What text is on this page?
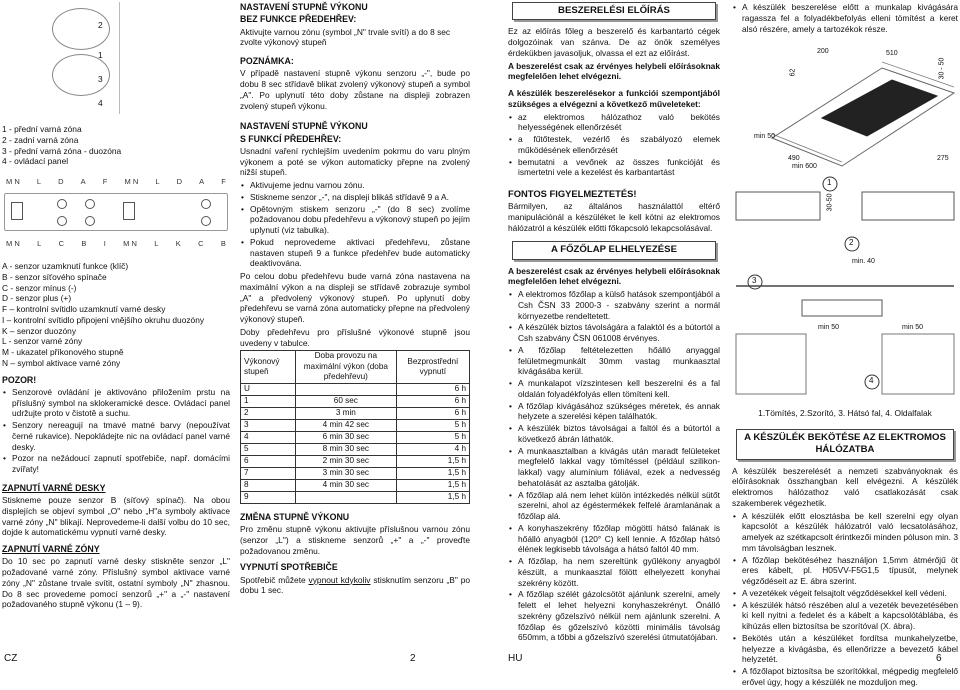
2
1
3
4
1 - přední varná zóna
2 - zadní varná zóna
3 - přední varná zóna - duozóna
4 - ovládací panel
M N L D A F M N L D A F
M N L C B I M N L K C B
A - senzor uzamknutí funkce (klíč)
B - senzor síťového spínače
C - senzor mínus (-)
D - senzor plus (+)
F – kontrolní svítidlo uzamknutí varné desky
I – kontrolní svítidlo připojení vnějšího okruhu duozóny
K – senzor duozóny
L - senzor varné zóny
M - ukazatel příkonového stupně
N – symbol aktivace varné zóny
POZOR!
• Senzorové ovládání je aktivováno přiložením prstu na příslušný symbol na sklokeramické desce. Ovládací panel udržujte proto v čistotě a suchu.
• Senzory nereagují na tmavé matné barvy (nepoužívat černé rukavice). Nepokládejte nic na ovládací panel varné desky.
• Pozor na nežádoucí zapnutí spotřebiče, např. domácími zvířaty!
ZAPNUTÍ VARNÉ DESKY

Stiskneme pouze senzor B (síťový spínač). Na obou displejích se objeví symbol „O" nebo „H"a symboly aktivace varné zóny „N" blikají. Neprovedeme-li další volbu do 10 sec, dojde k automatickému vypnutí varné desky.

ZAPNUTÍ VARNÉ ZÓNY

Do 10 sec po zapnutí varné desky stiskněte senzor „L" požadované varné zóny. Příslušný symbol aktivace varné zóny „N" zůstane trvale svítit, ostatní symboly „N" zhasnou. Do 8 sec provedeme pomocí senzorů „+" a „-" nastavení požadovaného stupně výkonu (1 – 9).

NASTAVENÍ STUPNĚ VÝKONU
BEZ FUNKCE PŘEDEHŘEV:

Aktivujte varnou zónu (symbol „N" trvale svítí) a do 8 sec zvolte výkonový stupeň

POZNÁMKA:

V případě nastavení stupně výkonu senzoru „-", bude po dobu 8 sec střídavě blikat zvolený výkonový stupeň a symbol „A". Po uplynutí této doby zůstane na displeji zobrazen zvolený stupeň výkonu.

NASTAVENÍ STUPNĚ VÝKONU
S FUNKCÍ PŘEDEHŘEV:

Usnadní vaření rychlejším uvedením pokrmu do varu plným výkonem a poté se výkon automaticky přepne na zvolený nižší stupeň.

• Aktivujeme jednu varnou zónu.
• Stiskneme senzor „-", na displeji blikáš střídavě 9 a A.
• Opětovným stiskem senzoru „-" (do 8 sec) zvolíme požadovanou dobu předehřevu a výkonový stupeň po jejím uplynutí (viz tabulka).
• Pokud neprovedeme aktivaci předehřevu, zůstane nastaven stupeň 9 a funkce předehřev bude automaticky deaktivována.

Po celou dobu předehřevu bude varná zóna nastavena na maximální výkon a na displeji se střídavě zobrazuje symbol „A" a předvolený výkonový stupeň. Po uplynutí doby předehřevu se varná zóna automaticky přepne na předvolený výkonový stupeň.

Doby předehřevu pro příslušné výkonové stupně jsou uvedeny v tabulce.

Výkonový stupeň	Doba provozu na maximální výkon (doba předehřevu)	Bezprostřední vypnutí
U		6 h
1	60 sec	6 h
2	3 min	6 h
3	4 min 42 sec	5 h
4	6 min 30 sec	5 h
5	8 min 30 sec	4 h
6	2 min 30 sec	1,5 h
7	3 min 30 sec	1,5 h
8	4 min 30 sec	1,5 h
9		1,5 h
ZMĚNA STUPNĚ VÝKONU

Pro změnu stupně výkonu aktivujte příslušnou varnou zónu (senzor „L") a stiskneme senzorů „+" a „-" proveďte požadovanou změnu.

VYPNUTÍ SPOTŘEBIČE

Spotřebič můžete vypnout kdykoliv stisknutím senzoru „B" po dobu 1 sec.

BESZERELÉSI ELŐÍRÁS

Ez az előírás főleg a beszerelő és karbantartó cégek dolgozóinak van szánva. De az önök személyes érdekükben javasoljuk, olvassa el ezt az előírást.

A beszerelést csak az érvényes helybeli előírásoknak megfelelően lehet elvégezni.

A készülék beszerelésekor a funkciói szempontjából szükséges a elvégezni a következő műveleteket:

• az elektromos hálózathoz való bekötés helyességének ellenőrzését
• a fűtőtestek, vezérlő és szabályozó elemek működésének ellenőrzését
• bemutatni a vevőnek az összes funkcióját és ismertetni vele a kezelést és karbantartást
FONTOS FIGYELMEZTETÉS!

Bármilyen, az általános használattól eltérő manipulációnál a készüléket le kell kötni az elektromos hálózatról a készülék előtti főkapcsoló lekapcsolásával.

A FŐZŐLAP ELHELYEZÉSE

A beszerelést csak az érvényes helybeli előírásoknak megfelelően lehet elvégezni.

• A elektromos főzőlap a külső hatások szempontjából a Csh ČSN 33 2000-3 - szabvány szerint a normál környezetbe rendeltetett.
• A készülék biztos távolságára a falaktól és a bútortól a Csh szabvány ČSN 061008 érvényes.
• A főzőlap feltételezetten hőálló anyaggal felületmegmunkált 30mm vastag munkaasztal kivágásába kerül.
• A munkalapot vízszintesen kell beszerelni és a fal oldalán folyadékfolyás ellen tömíteni kell.
• A főzőlap kivágásához szükséges méretek, és annak helyzete a szerelési képen találhatók.
• A készülék biztos távolságai a faltól és a bútortól a következő ábrán láthatók.
• A munkaasztalban a kivágás után maradt felületeket megfelelő lakkal vagy tömítéssel (például szilikon-lakkal) vagy alumínium fóliával, ezek a nedvesség behatolását az asztalba gátolják.
• A főzőlap alá nem lehet külön intézkedés nélkül sütőt szerelni, ahol az égéstermékek felfelé áramlanának a főzőlap alá.
• A konyhaszekrény főzőlap mögötti hátsó falának is hőálló anyagból (120° C) kell lennie. A főzőlap hátsó élének legkisebb távolsága a hátsó faltól 40 mm.
• A főzőlap, ha nem szereltünk gyűlékony anyagból készült, a munkaasztal fölött elhelyezett konyhai szekrény között.
• A főzőlap szélét gázolcsötöt ajánlunk szerelni, amely felett el lehet helyezni konyhaszekrényt. Önálló szekrény gőzelszívó nélkül nem ajánlunk szerelni. A főzőlap és gőzelszívó közötti minimális távolság 650mm, a tőbbi a gőzelszívó szerelési útmutatójában.
• A készülék beszerelése előtt a munkalap kivágására ragassza fel a folyadékbefolyás elleni tömítést a keret alsó részére, amely a tartozékok része.
510
200
62	30 - 50
min 50
490
min 600
275
30-50
min. 40
1
2
3
4
min 50	min 50

1.Tömítés, 2.Szorító, 3. Hátsó fal, 4. Oldalfalak

A KÉSZÜLÉK BEKÖTÉSE AZ ELEKTROMOS HÁLÓZATBA

A készülék beszerelését a nemzeti szabványoknak és előírásoknak összhangban kell elvégezni. A készülék elektromos hálózathoz való csatlakozását csak szakemberek végezhetik.

• A készülék előtt elosztásba be kell szerelni egy olyan kapcsolót a készülék hálózatról való lecsatolásához, amelyek az szétkapcsolt érintkezői minden póluson min. 3 mm távolságban lesznek.
• A főzőlap bekötéséhez használjon 1,5mm átmérőjű öt eres kábelt, pl. H05VV-F5G1,5 típusút, melynek végződéseit az E. ábra szerint.
• A vezetékek végeit felsajtolt végződésekkel kell védeni.
• A készülék hátsó részében alul a vezeték bevezetésében ki kell nyitni a fedelet és a kábelt a kapcsolótáblába, és kihúzás ellen biztosítsa be szorítóval (X. ábra).
• Bekötés után a készüléket fordítsa munkahelyzetbe, helyezze a kivágásba, és ellenőrizze a bevezető kábel helyzetét.
• A főzőlapot biztosítsa be szorítókkal, mégpedig megfelelő erővel úgy, hogy a készülék ne mozduljon meg.
CZ	2	HU	6
